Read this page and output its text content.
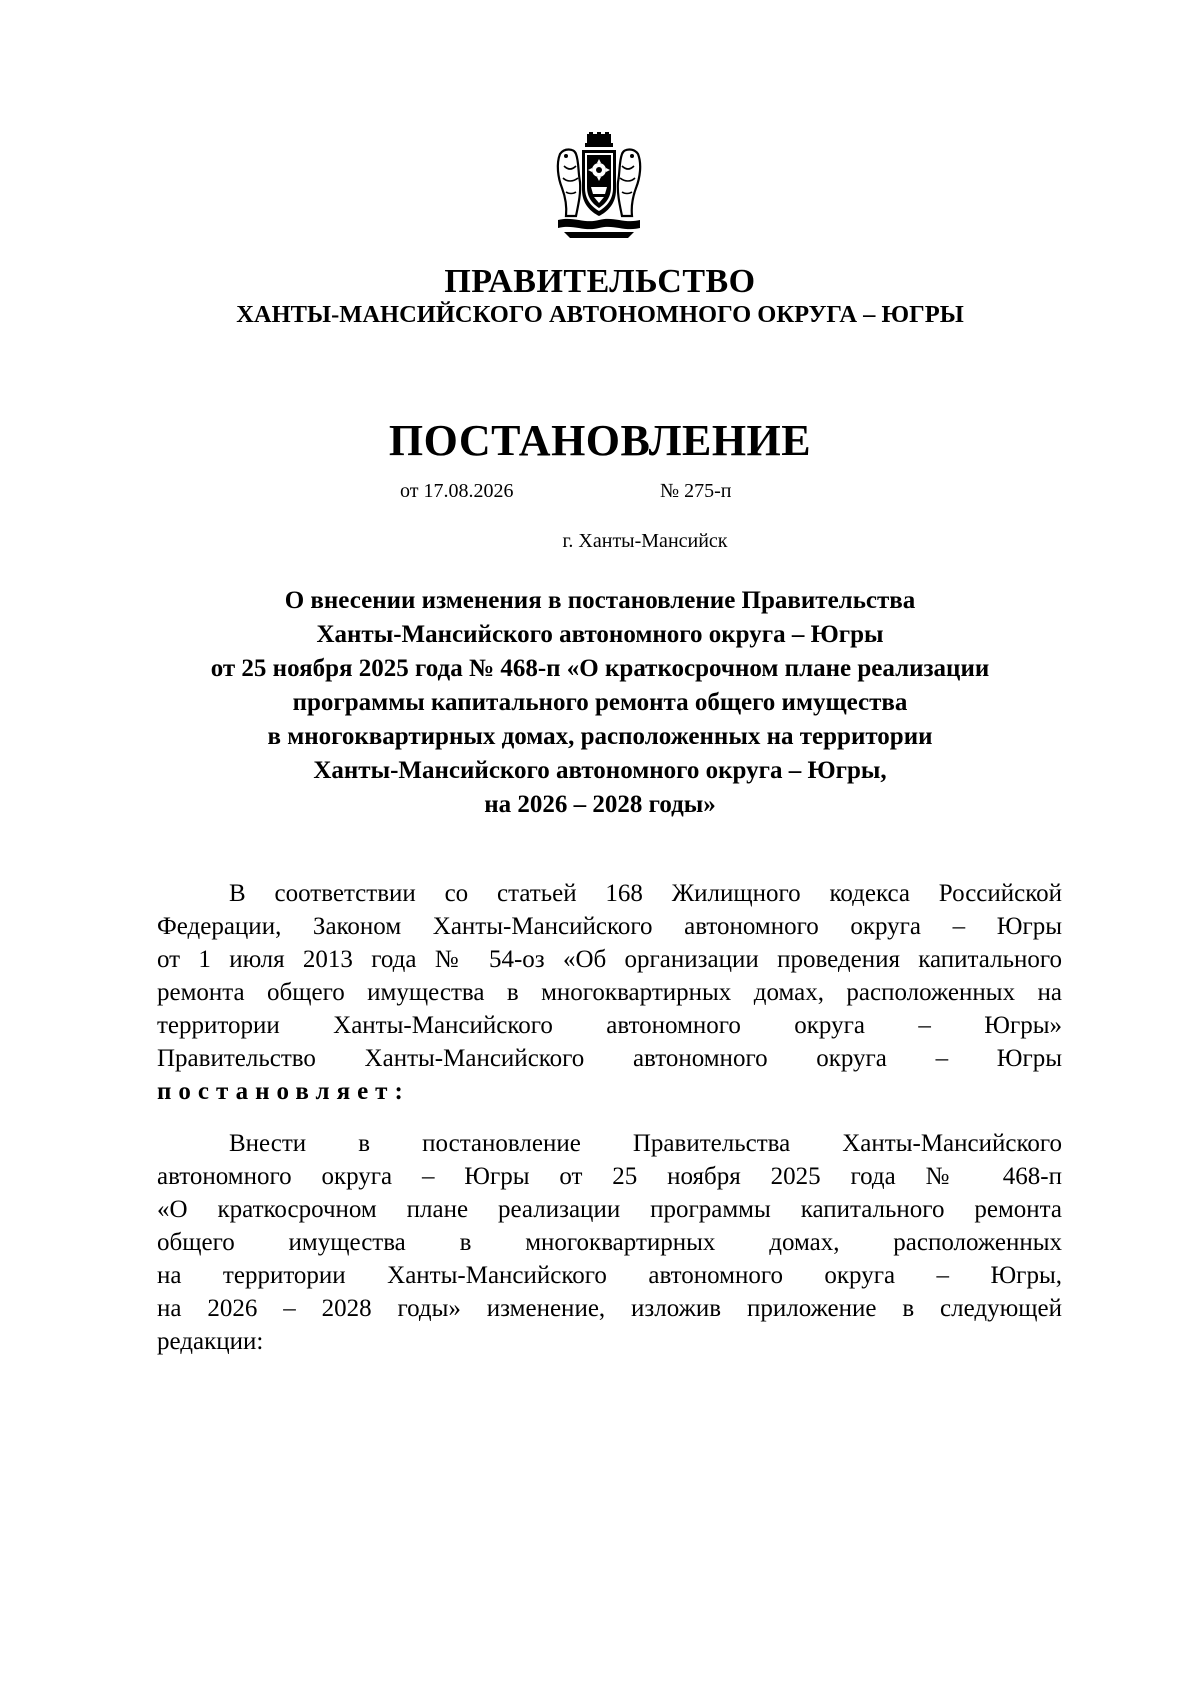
ПРАВИТЕЛЬСТВО
ХАНТЫ-МАНСИЙСКОГО АВТОНОМНОГО ОКРУГА – ЮГРЫ
ПОСТАНОВЛЕНИЕ
от 17.08.2026	№ 275-п
г. Ханты-Мансийск
О внесении изменения в постановление Правительства
Ханты-Мансийского автономного округа – Югры
от 25 ноября 2025 года № 468-п «О краткосрочном плане реализации
программы капитального ремонта общего имущества
в многоквартирных домах, расположенных на территории
Ханты-Мансийского автономного округа – Югры,
на 2026 – 2028 годы»
В соответствии со статьей 168 Жилищного кодекса Российской
Федерации, Законом Ханты-Мансийского автономного округа – Югры
от 1 июля 2013 года № 54-оз «Об организации проведения капитального
ремонта общего имущества в многоквартирных домах, расположенных на
территории Ханты-Мансийского автономного округа – Югры»
Правительство Ханты-Мансийского автономного округа – Югры
постановляет:
Внести в постановление Правительства Ханты-Мансийского
автономного округа – Югры от 25 ноября 2025 года № 468-п
«О краткосрочном плане реализации программы капитального ремонта
общего имущества в многоквартирных домах, расположенных
на территории Ханты-Мансийского автономного округа – Югры,
на 2026 – 2028 годы» изменение, изложив приложение в следующей
редакции:
